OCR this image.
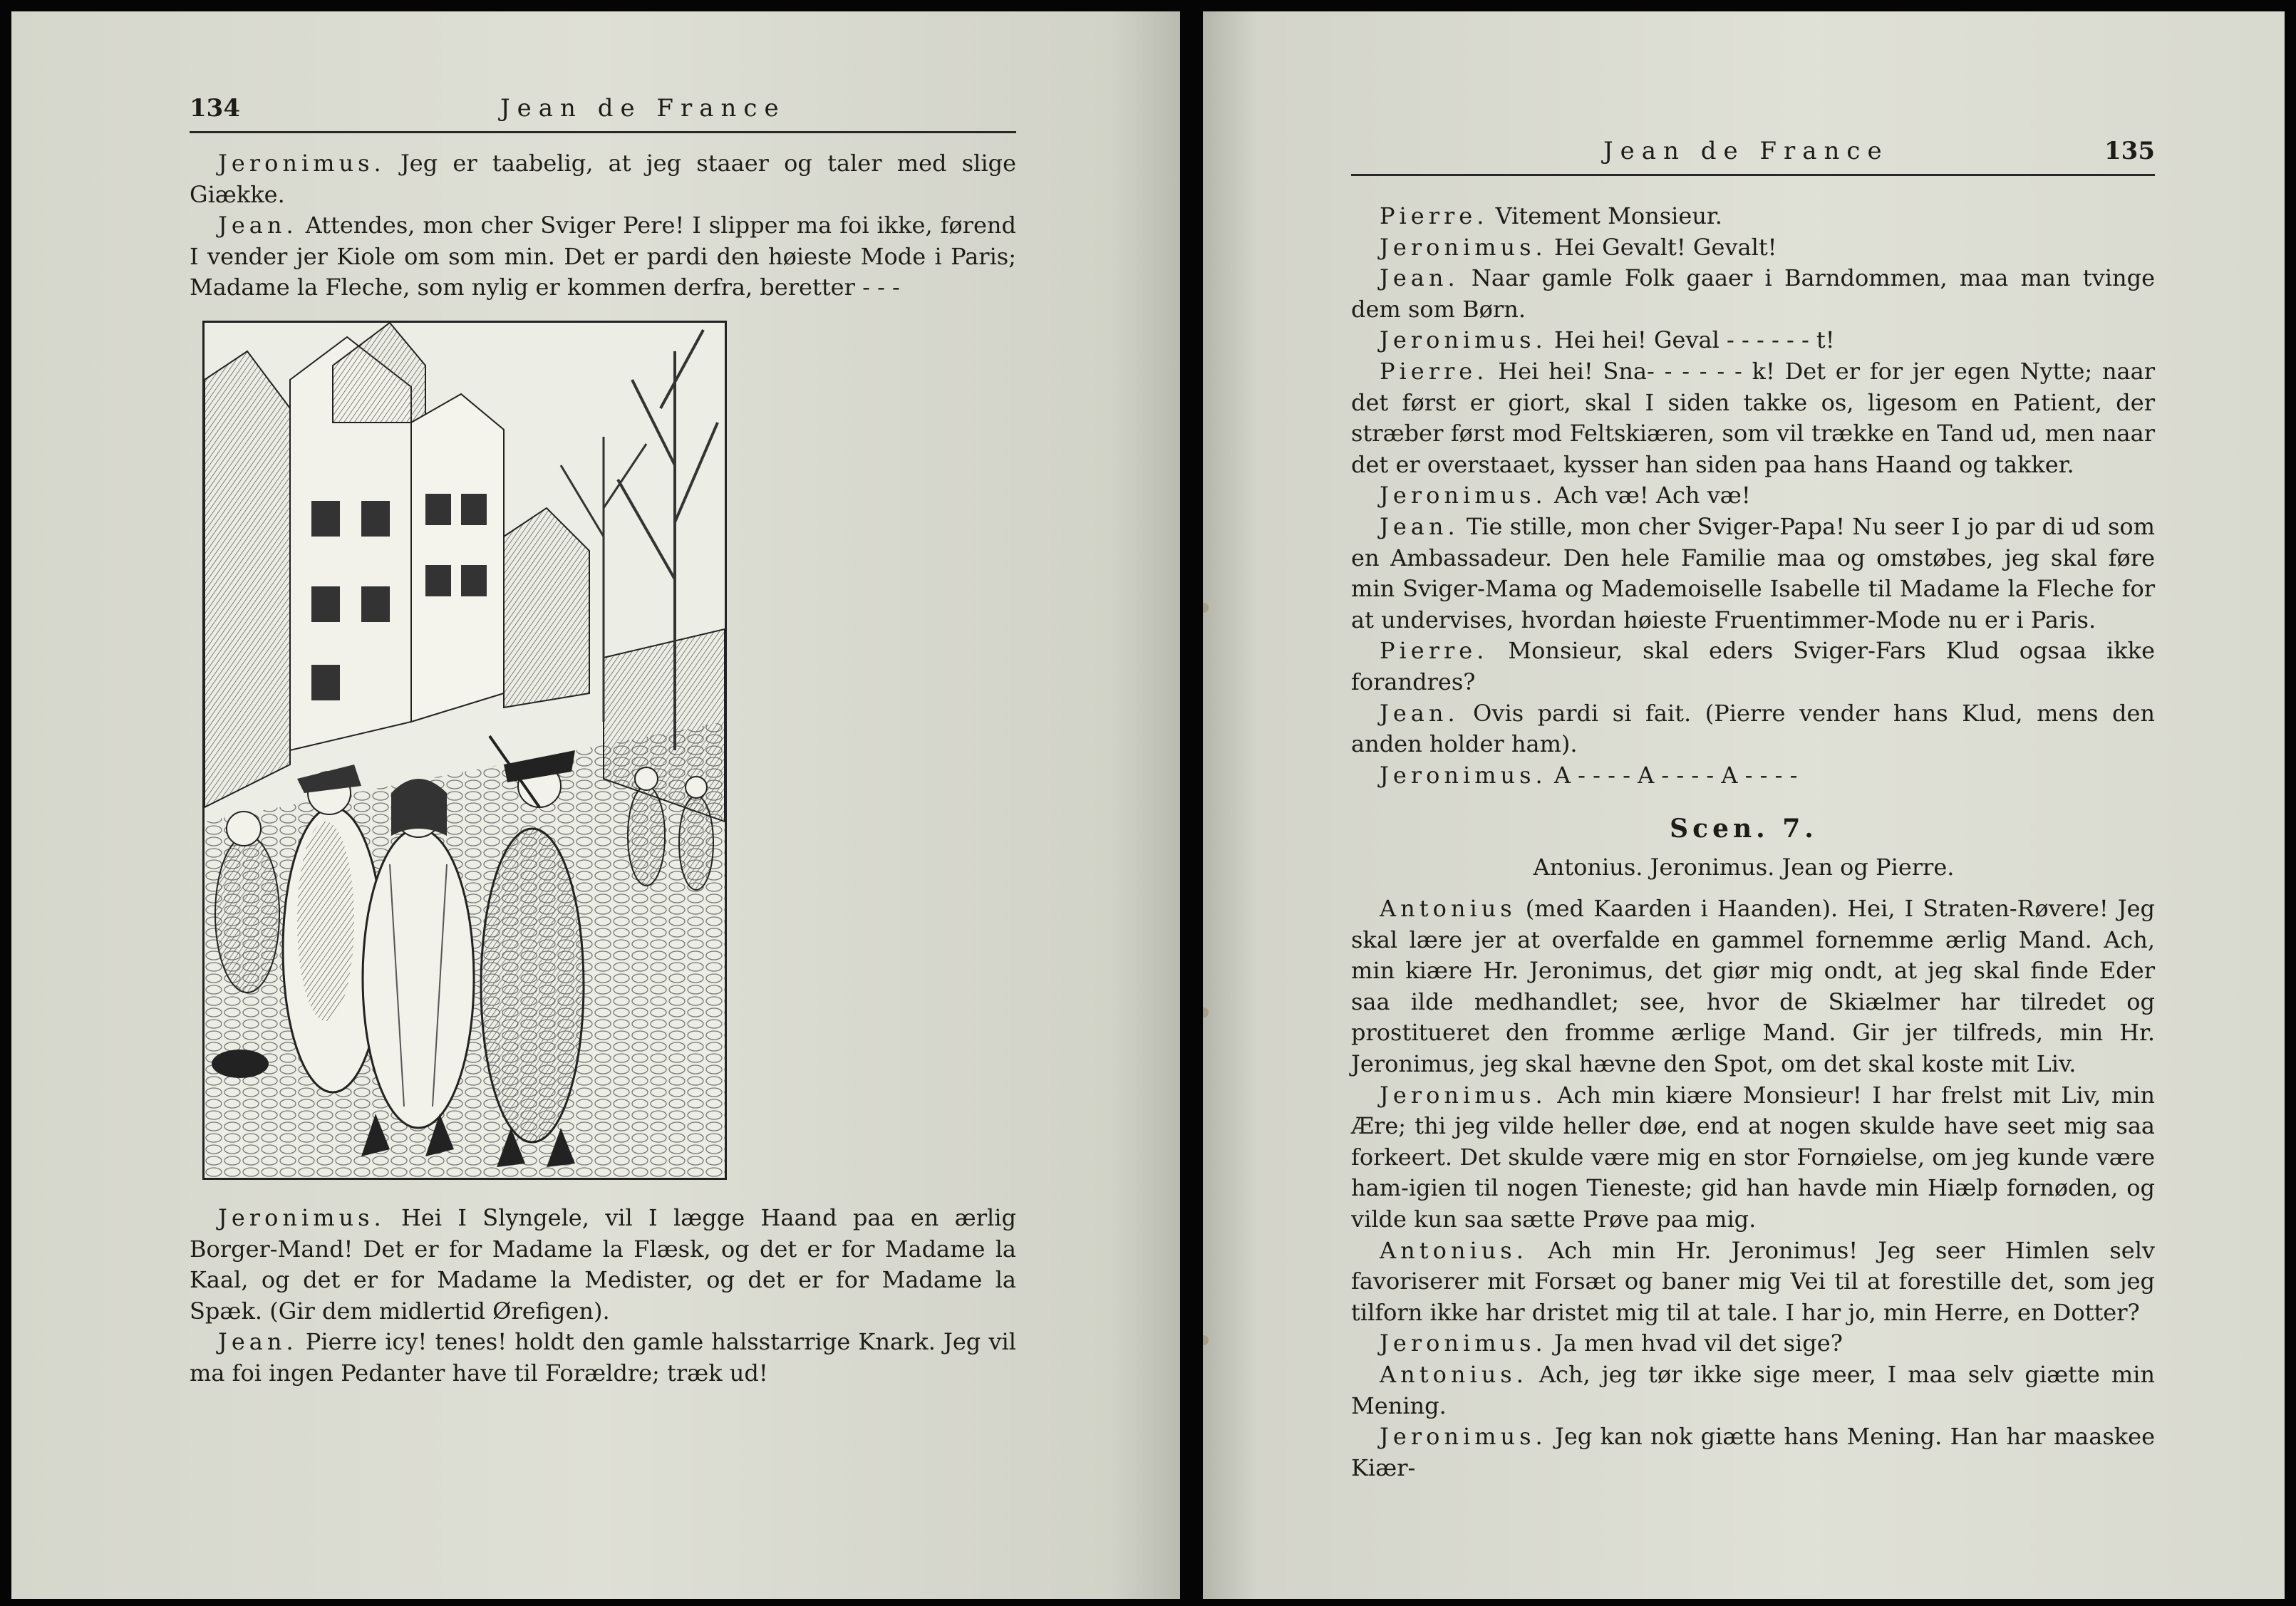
134	Jean de France

Jeronimus. Jeg er taabelig, at jeg staaer og taler med slige Giække.

Jean. Attendes, mon cher Sviger Pere! I slipper ma foi ikke, førend I vender jer Kiole om som min. Det er pardi den høieste Mode i Paris; Madame la Fleche, som nylig er kommen derfra, beretter ‐ ‐ ‐

Jeronimus. Hei I Slyngele, vil I lægge Haand paa en ærlig Borger-Mand! Det er for Madame la Flæsk, og det er for Madame la Kaal, og det er for Madame la Medister, og det er for Madame la Spæk. (Gir dem midlertid Ørefigen).

Jean. Pierre icy! tenes! holdt den gamle halsstarrige Knark. Jeg vil ma foi ingen Pedanter have til Forældre; træk ud!

Jean de France	135

Pierre. Vitement Monsieur.

Jeronimus. Hei Gevalt! Gevalt!

Jean. Naar gamle Folk gaaer i Barndommen, maa man tvinge dem som Børn.

Jeronimus. Hei hei! Geval ‐ ‐ ‐ ‐ ‐ ‐ t!

Pierre. Hei hei! Sna‐ ‐ ‐ ‐ ‐ ‐ k! Det er for jer egen Nytte; naar det først er giort, skal I siden takke os, ligesom en Patient, der stræber først mod Feltskiæren, som vil trække en Tand ud, men naar det er overstaaet, kysser han siden paa hans Haand og takker.

Jeronimus. Ach væ! Ach væ!

Jean. Tie stille, mon cher Sviger-Papa! Nu seer I jo par di ud som en Ambassadeur. Den hele Familie maa og omstøbes, jeg skal føre min Sviger-Mama og Mademoiselle Isabelle til Madame la Fleche for at undervises, hvordan høieste Fruentimmer-Mode nu er i Paris.

Pierre. Monsieur, skal eders Sviger-Fars Klud ogsaa ikke forandres?

Jean. Ovis pardi si fait. (Pierre vender hans Klud, mens den anden holder ham).

Jeronimus. A ‐ ‐ ‐ ‐ A ‐ ‐ ‐ ‐ A ‐ ‐ ‐ ‐

Scen. 7.
Antonius. Jeronimus. Jean og Pierre.

Antonius (med Kaarden i Haanden). Hei, I Straten-Røvere! Jeg skal lære jer at overfalde en gammel fornemme ærlig Mand. Ach, min kiære Hr. Jeronimus, det giør mig ondt, at jeg skal finde Eder saa ilde medhandlet; see, hvor de Skiælmer har tilredet og prostitueret den fromme ærlige Mand. Gir jer tilfreds, min Hr. Jeronimus, jeg skal hævne den Spot, om det skal koste mit Liv.

Jeronimus. Ach min kiære Monsieur! I har frelst mit Liv, min Ære; thi jeg vilde heller døe, end at nogen skulde have seet mig saa forkeert. Det skulde være mig en stor Fornøielse, om jeg kunde være ham-igien til nogen Tieneste; gid han havde min Hiælp fornøden, og vilde kun saa sætte Prøve paa mig.

Antonius. Ach min Hr. Jeronimus! Jeg seer Himlen selv favoriserer mit Forsæt og baner mig Vei til at forestille det, som jeg tilforn ikke har dristet mig til at tale. I har jo, min Herre, en Dotter?

Jeronimus. Ja men hvad vil det sige?

Antonius. Ach, jeg tør ikke sige meer, I maa selv giætte min Mening.

Jeronimus. Jeg kan nok giætte hans Mening. Han har maaskee Kiær-
